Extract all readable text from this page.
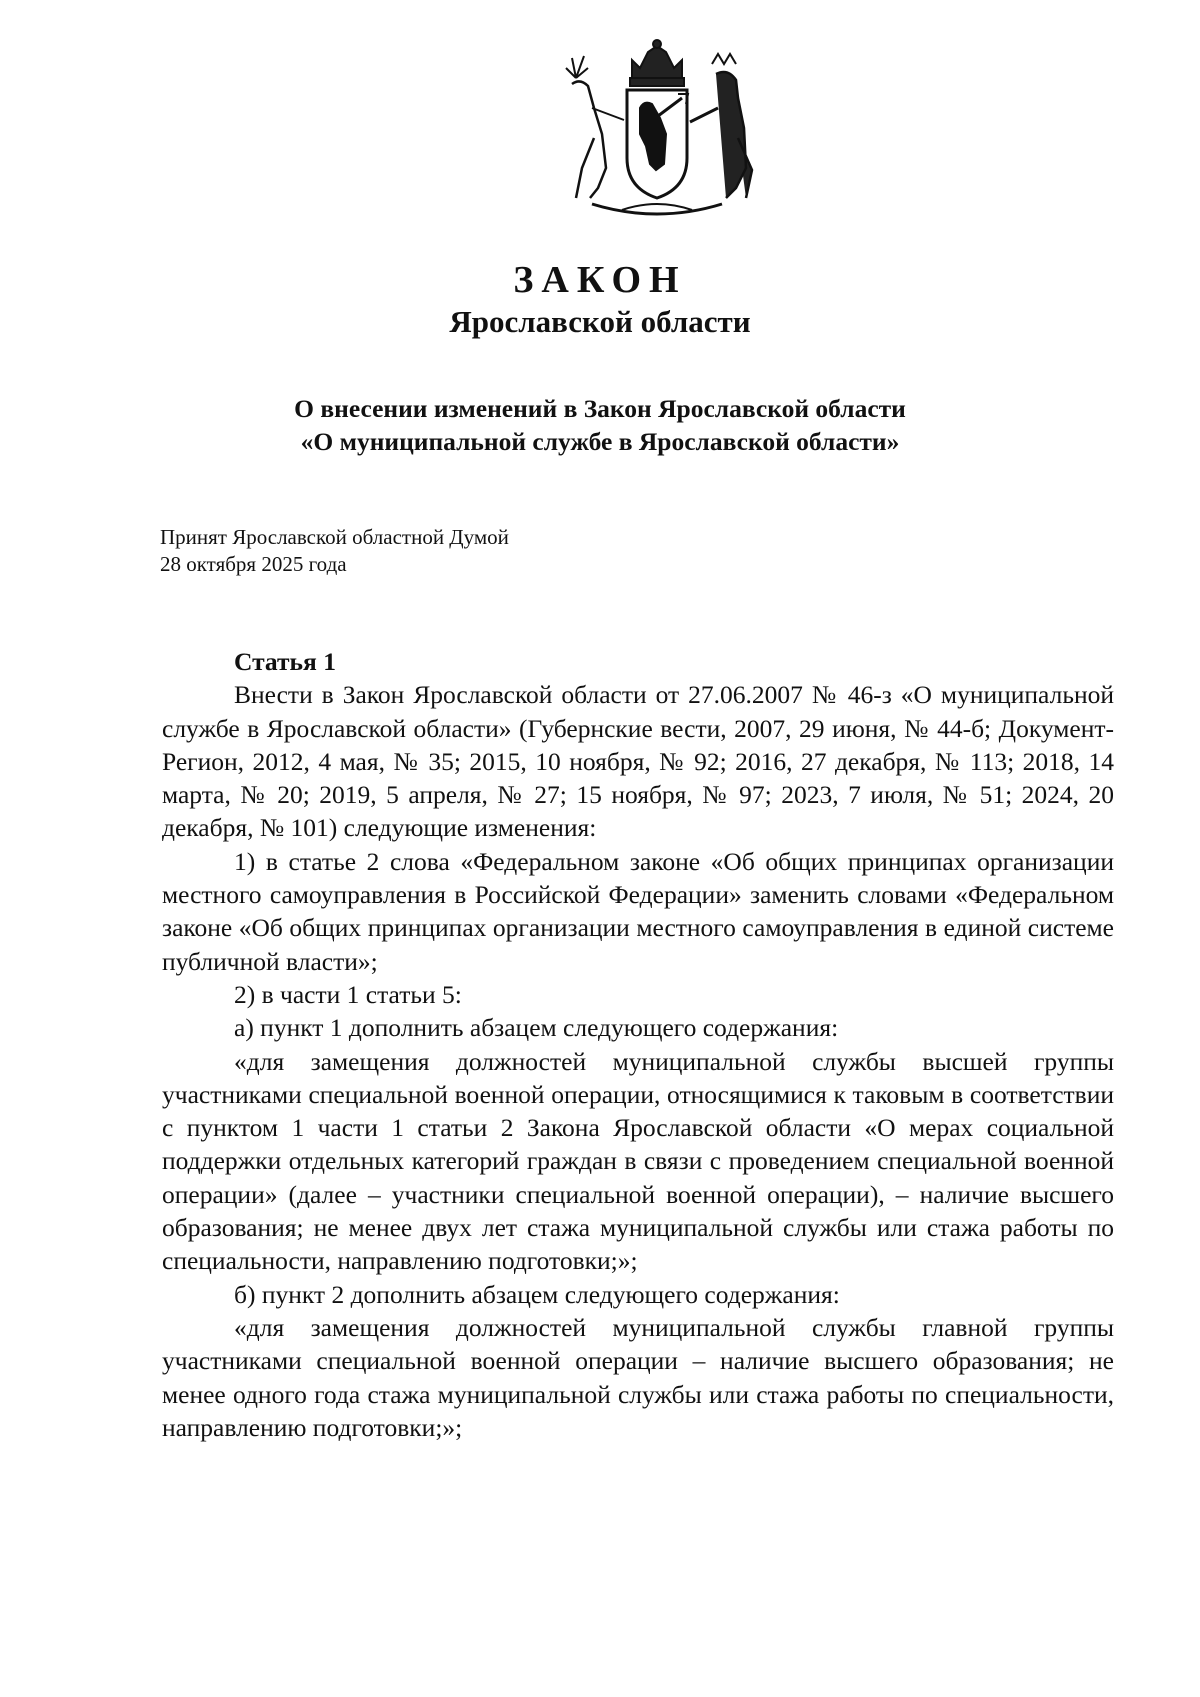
ЗАКОН
Ярославской области
О внесении изменений в Закон Ярославской области
«О муниципальной службе в Ярославской области»
Принят Ярославской областной Думой
28 октября 2025 года

Статья 1

Внести в Закон Ярославской области от 27.06.2007 № 46-з «О муниципальной службе в Ярославской области» (Губернские вести, 2007, 29 июня, № 44-б; Документ-Регион, 2012, 4 мая, № 35; 2015, 10 ноября, № 92; 2016, 27 декабря, № 113; 2018, 14 марта, № 20; 2019, 5 апреля, № 27; 15 ноября, № 97; 2023, 7 июля, № 51; 2024, 20 декабря, № 101) следующие изменения:

1) в статье 2 слова «Федеральном законе «Об общих принципах организации местного самоуправления в Российской Федерации» заменить словами «Федеральном законе «Об общих принципах организации местного самоуправления в единой системе публичной власти»;

2) в части 1 статьи 5:

а) пункт 1 дополнить абзацем следующего содержания:

«для замещения должностей муниципальной службы высшей группы участниками специальной военной операции, относящимися к таковым в соответствии с пунктом 1 части 1 статьи 2 Закона Ярославской области «О мерах социальной поддержки отдельных категорий граждан в связи с проведением специальной военной операции» (далее – участники специальной военной операции), – наличие высшего образования; не менее двух лет стажа муниципальной службы или стажа работы по специальности, направлению подготовки;»;

б) пункт 2 дополнить абзацем следующего содержания:

«для замещения должностей муниципальной службы главной группы участниками специальной военной операции – наличие высшего образования; не менее одного года стажа муниципальной службы или стажа работы по специальности, направлению подготовки;»;
